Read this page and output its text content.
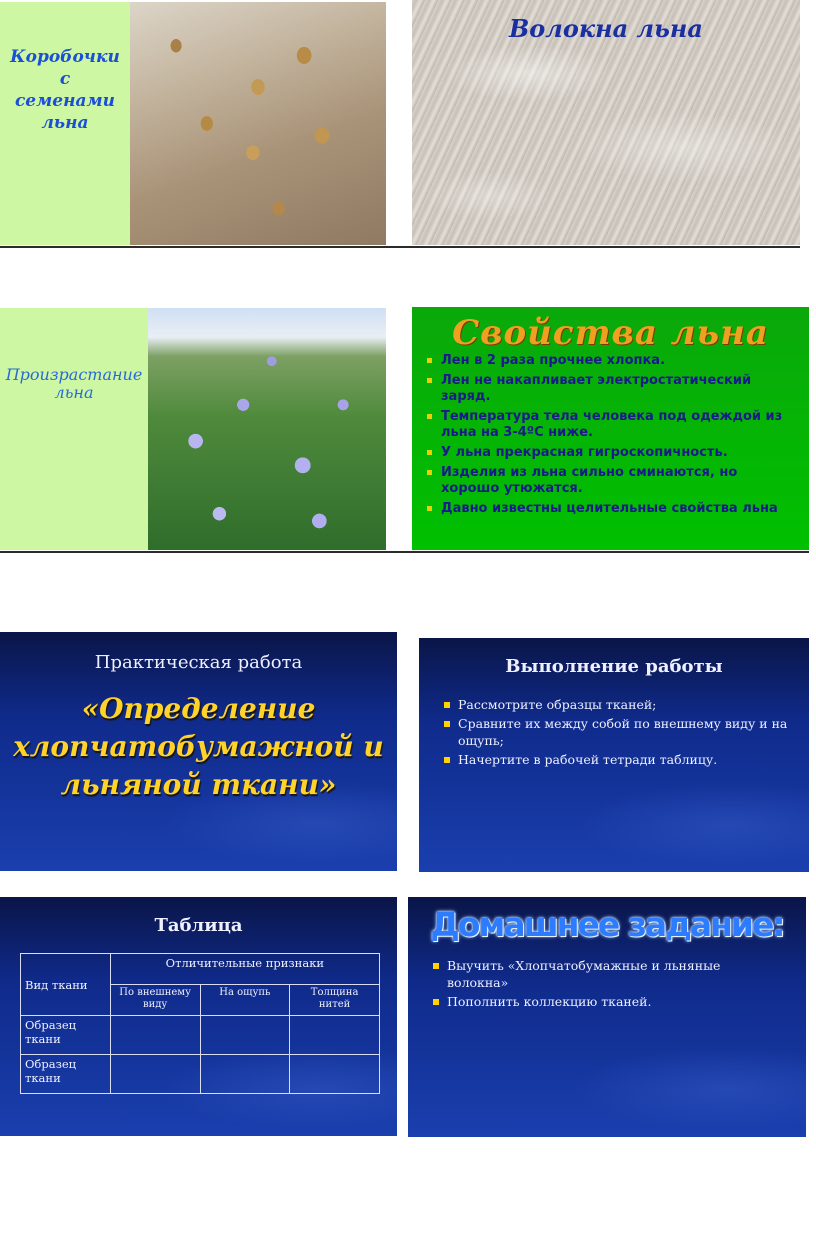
Коробочки
с
семенами
льна
Волокна льна
Произрастание
льна
Свойства льна
Лен в 2 раза прочнее хлопка.
Лен не накапливает электростатический заряд.
Температура тела человека под одеждой из льна на 3-4ºС ниже.
У льна прекрасная гигроскопичность.
Изделия из льна сильно сминаются, но хорошо утюжатся.
Давно известны целительные свойства льна
Практическая работа
«Определение
хлопчатобумажной и
льняной ткани»
Выполнение работы
Рассмотрите образцы тканей;
Сравните их между собой по внешнему виду и на ощупь;
Начертите в рабочей тетради таблицу.
Таблица
Вид ткани	Отличительные признаки		
	По внешнему виду	На ощупь	Толщина нитей
Образец ткани			
Образец ткани			
Домашнее задание:
Выучить «Хлопчатобумажные и льняные волокна»
Пополнить коллекцию тканей.
